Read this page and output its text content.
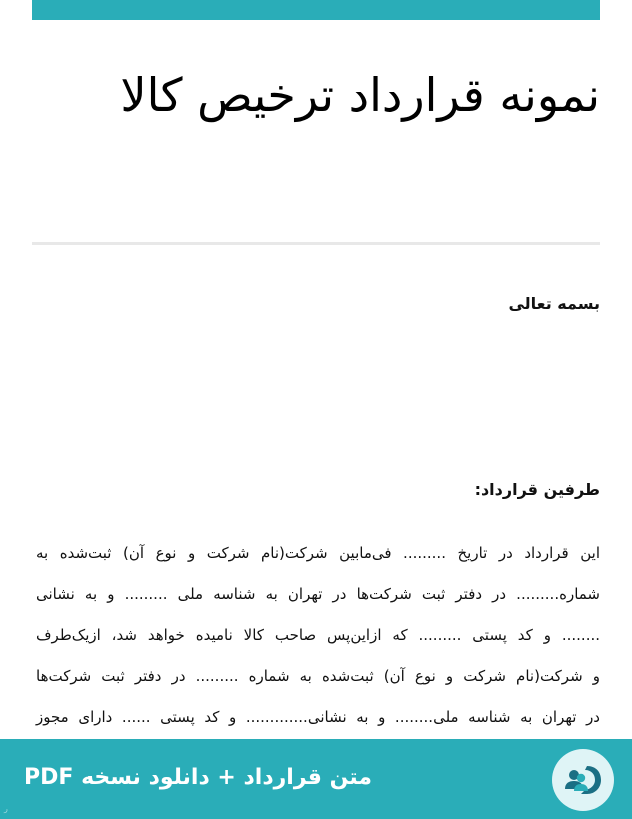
نمونه قرارداد ترخیص کالا
بسمه تعالی
طرفین قرارداد:
این قرارداد در تاریخ ......... فی‌مابین شرکت(نام شرکت و نوع آن) ثبت‌شده به
شماره......... در دفتر ثبت شرکت‌ها در تهران به شناسه ملی ......... و به نشانی
........ و کد پستی ......... که ازاین‌پس صاحب کالا نامیده خواهد شد، ازیک‌طرف
و شرکت(نام شرکت و نوع آن) ثبت‌شده به شماره ......... در دفتر ثبت شرکت‌ها
در تهران به شناسه ملی........ و به نشانی............. و کد پستی ...... دارای مجوز
متن قرارداد + دانلود نسخه PDF
ر
